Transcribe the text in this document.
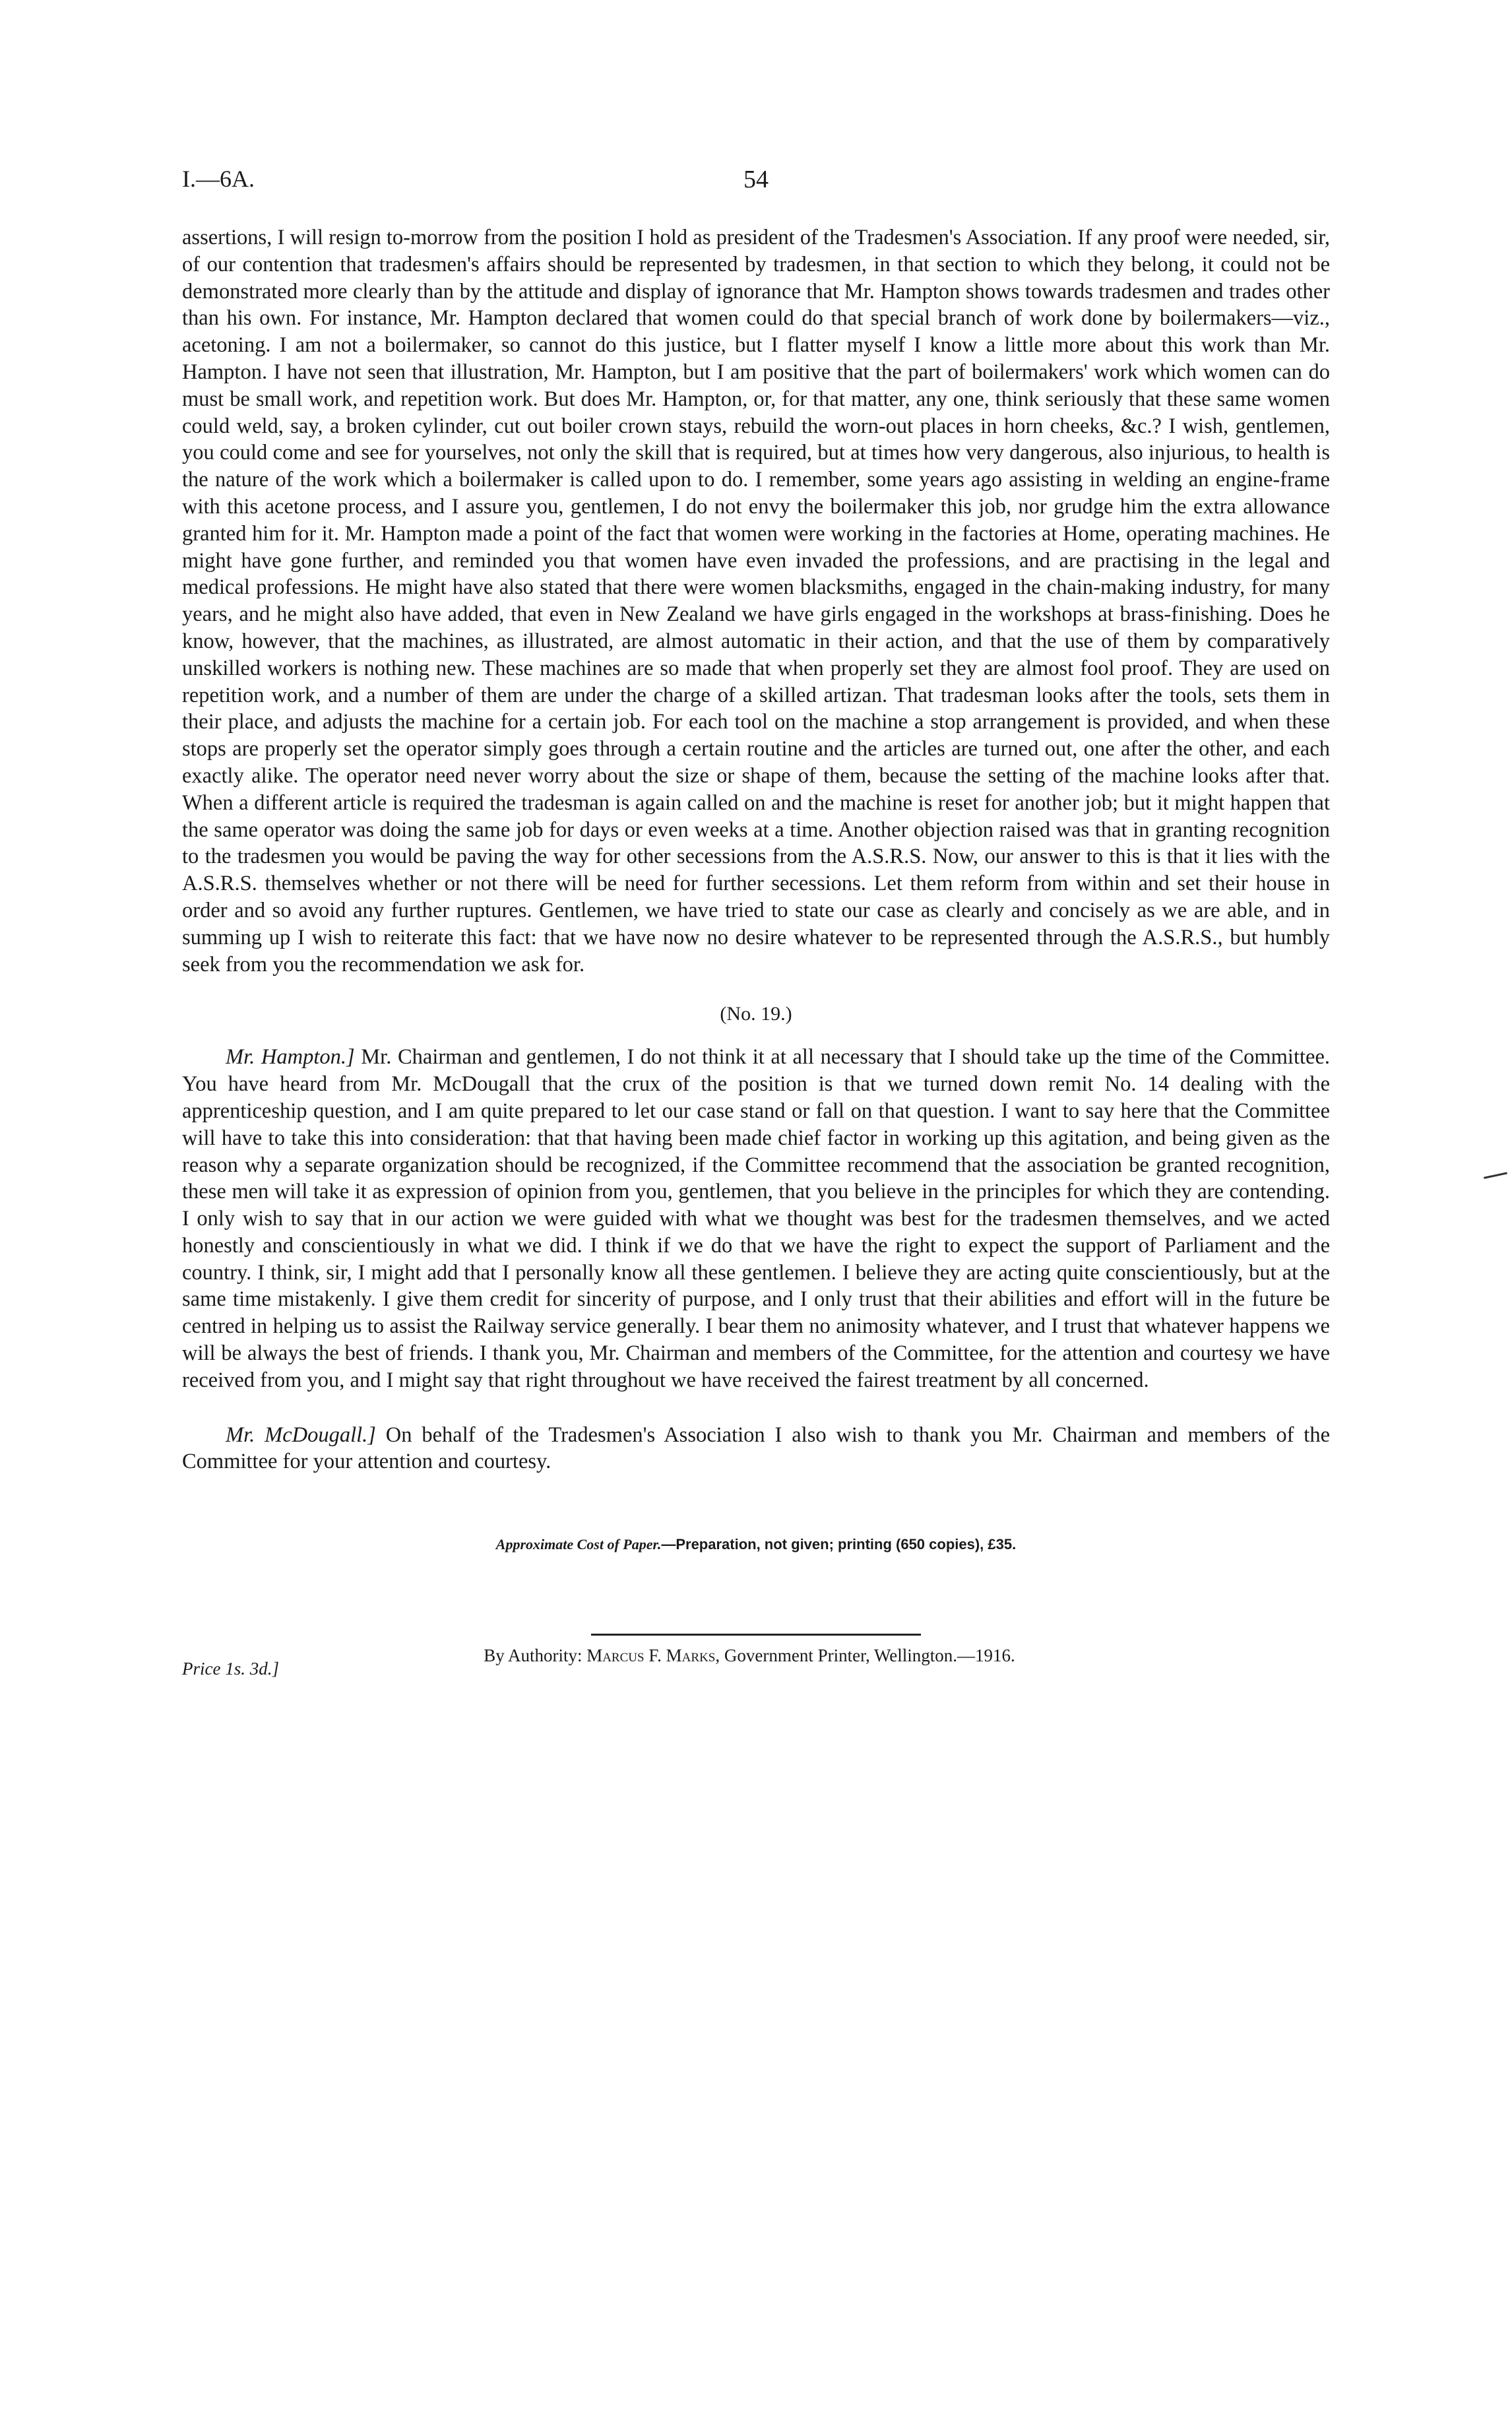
I.—6A.	54

assertions, I will resign to-morrow from the position I hold as president of the Tradesmen's Association. If any proof were needed, sir, of our contention that tradesmen's affairs should be represented by tradesmen, in that section to which they belong, it could not be demonstrated more clearly than by the attitude and display of ignorance that Mr. Hampton shows towards tradesmen and trades other than his own. For instance, Mr. Hampton declared that women could do that special branch of work done by boilermakers—viz., acetoning. I am not a boilermaker, so cannot do this justice, but I flatter myself I know a little more about this work than Mr. Hampton. I have not seen that illustration, Mr. Hampton, but I am positive that the part of boilermakers' work which women can do must be small work, and repetition work. But does Mr. Hampton, or, for that matter, any one, think seriously that these same women could weld, say, a broken cylinder, cut out boiler crown stays, rebuild the worn-out places in horn cheeks, &c.? I wish, gentlemen, you could come and see for yourselves, not only the skill that is required, but at times how very dangerous, also injurious, to health is the nature of the work which a boilermaker is called upon to do. I remember, some years ago assisting in welding an engine-frame with this acetone process, and I assure you, gentlemen, I do not envy the boilermaker this job, nor grudge him the extra allowance granted him for it. Mr. Hampton made a point of the fact that women were working in the factories at Home, operating machines. He might have gone further, and reminded you that women have even invaded the professions, and are practising in the legal and medical professions. He might have also stated that there were women blacksmiths, engaged in the chain-making industry, for many years, and he might also have added, that even in New Zealand we have girls engaged in the workshops at brass-finishing. Does he know, however, that the machines, as illustrated, are almost automatic in their action, and that the use of them by comparatively unskilled workers is nothing new. These machines are so made that when properly set they are almost fool proof. They are used on repetition work, and a number of them are under the charge of a skilled artizan. That tradesman looks after the tools, sets them in their place, and adjusts the machine for a certain job. For each tool on the machine a stop arrangement is provided, and when these stops are properly set the operator simply goes through a certain routine and the articles are turned out, one after the other, and each exactly alike. The operator need never worry about the size or shape of them, because the setting of the machine looks after that. When a different article is required the tradesman is again called on and the machine is reset for another job; but it might happen that the same operator was doing the same job for days or even weeks at a time. Another objection raised was that in granting recognition to the tradesmen you would be paving the way for other secessions from the A.S.R.S. Now, our answer to this is that it lies with the A.S.R.S. themselves whether or not there will be need for further secessions. Let them reform from within and set their house in order and so avoid any further ruptures. Gentlemen, we have tried to state our case as clearly and concisely as we are able, and in summing up I wish to reiterate this fact: that we have now no desire whatever to be represented through the A.S.R.S., but humbly seek from you the recommendation we ask for.

(No. 19.)

Mr. Hampton.] Mr. Chairman and gentlemen, I do not think it at all necessary that I should take up the time of the Committee. You have heard from Mr. McDougall that the crux of the position is that we turned down remit No. 14 dealing with the apprenticeship question, and I am quite prepared to let our case stand or fall on that question. I want to say here that the Committee will have to take this into consideration: that that having been made chief factor in working up this agitation, and being given as the reason why a separate organization should be recognized, if the Committee recommend that the association be granted recognition, these men will take it as expression of opinion from you, gentlemen, that you believe in the principles for which they are contending. I only wish to say that in our action we were guided with what we thought was best for the tradesmen themselves, and we acted honestly and conscientiously in what we did. I think if we do that we have the right to expect the support of Parliament and the country. I think, sir, I might add that I personally know all these gentlemen. I believe they are acting quite conscientiously, but at the same time mistakenly. I give them credit for sincerity of purpose, and I only trust that their abilities and effort will in the future be centred in helping us to assist the Railway service generally. I bear them no animosity whatever, and I trust that whatever happens we will be always the best of friends. I thank you, Mr. Chairman and members of the Committee, for the attention and courtesy we have received from you, and I might say that right throughout we have received the fairest treatment by all concerned.

Mr. McDougall.] On behalf of the Tradesmen's Association I also wish to thank you Mr. Chairman and members of the Committee for your attention and courtesy.

Approximate Cost of Paper.—Preparation, not given; printing (650 copies), £35.
Price 1s. 3d.]
By Authority: Marcus F. Marks, Government Printer, Wellington.—1916.
